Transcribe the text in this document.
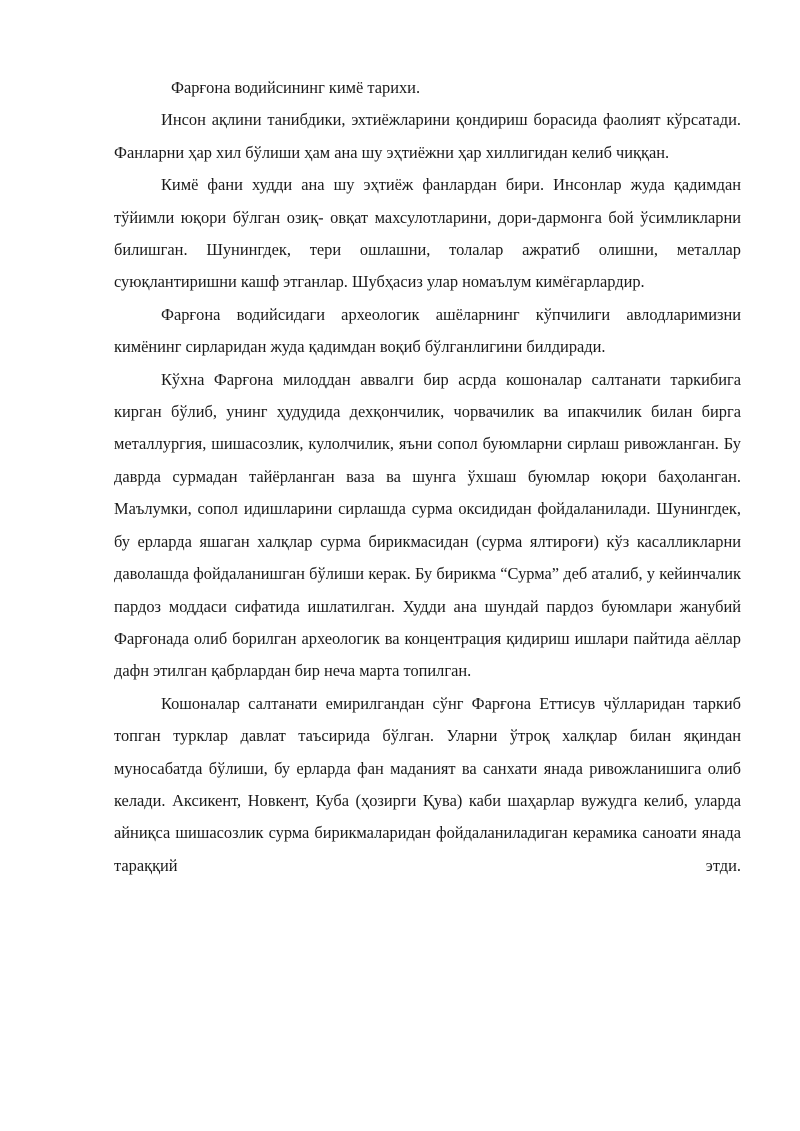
Фарғона водийсининг кимё тарихи.

Инсон ақлини танибдики, эхтиёжларини қондириш борасида фаолият кўрсатади. Фанларни ҳар хил бўлиши ҳам ана шу эҳтиёжни ҳар хиллигидан келиб чиққан.

Кимё фани худди ана шу эҳтиёж фанлардан бири. Инсонлар жуда қадимдан тўйимли юқори бўлган озиқ- овқат махсулотларини, дори-дармонга бой ўсимликларни билишган. Шунингдек, тери ошлашни, толалар ажратиб олишни, металлар суюқлантиришни кашф этганлар. Шубҳасиз улар номаълум кимёгарлардир.

Фарғона водийсидаги археологик ашёларнинг кўпчилиги авлодларимизни кимёнинг сирларидан жуда қадимдан воқиб бўлганлигини билдиради.

Кўхна Фарғона милоддан аввалги бир асрда кошоналар салтанати таркибига кирган бўлиб, унинг ҳудудида дехқончилик, чорвачилик ва ипакчилик билан бирга металлургия, шишасозлик, кулолчилик, яъни сопол буюмларни сирлаш ривожланган. Бу даврда сурмадан тайёрланган ваза ва шунга ўхшаш буюмлар юқори баҳоланган. Маълумки, сопол идишларини сирлашда сурма оксидидан фойдаланилади. Шунингдек, бу ерларда яшаган халқлар сурма бирикмасидан (сурма ялтироғи) кўз касалликларни даволашда фойдаланишган бўлиши керак. Бу бирикма “Сурма” деб аталиб, у кейинчалик пардоз моддаси сифатида ишлатилган. Худди ана шундай пардоз буюмлари жанубий Фарғонада олиб борилган археологик ва концентрация қидириш ишлари пайтида аёллар дафн этилган қабрлардан бир неча марта топилган.

Кошоналар салтанати емирилгандан сўнг Фарғона Еттисув чўлларидан таркиб топган турклар давлат таъсирида бўлган. Уларни ўтроқ халқлар билан яқиндан муносабатда бўлиши, бу ерларда фан маданият ва санхати янада ривожланишига олиб келади. Аксикент, Новкент, Куба (ҳозирги Қува) каби шаҳарлар вужудга келиб, уларда айниқса шишасозлик сурма бирикмаларидан фойдаланиладиган керамика саноати янада тараққий этди.
